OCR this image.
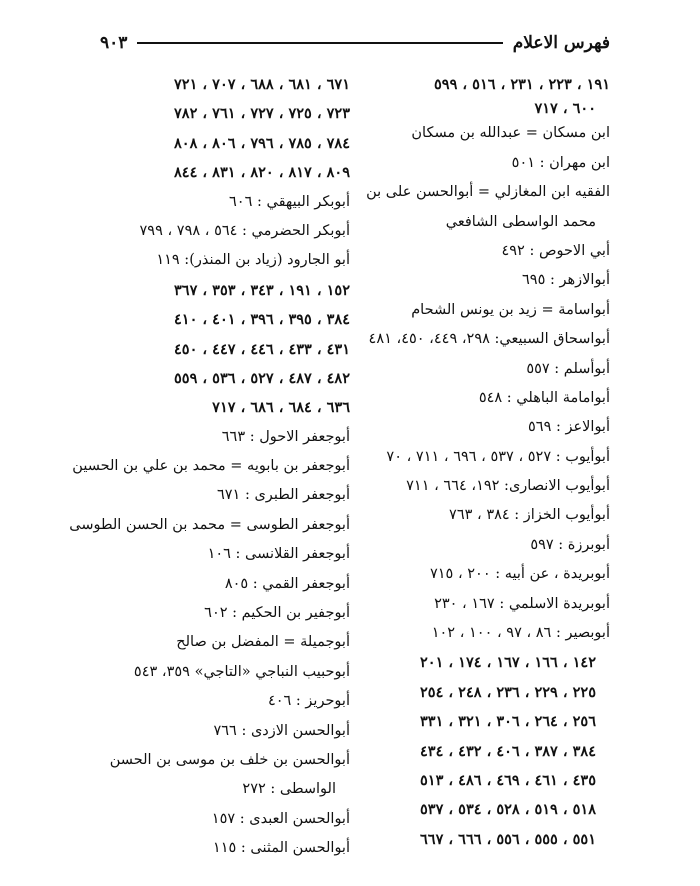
فهرس الاعلام
٩٠٣
١٩١ ، ٢٢٣ ، ٢٣١ ، ٥١٦ ، ٥٩٩
٦٠٠ ، ٧١٧
ابن مسكان = عبدالله بن مسكان
ابن مهران : ٥٠١
الفقيه ابن المغازلي = أبوالحسن على بن
محمد الواسطى الشافعي
أبي الاحوص : ٤٩٢
أبوالازهر : ٦٩٥
أبواسامة = زيد بن يونس الشحام
أبواسحاق السبيعي: ٢٩٨، ٤٤٩، ٤٥٠، ٤٨١
أبوأسلم : ٥٥٧
أبوامامة الباهلي : ٥٤٨
أبوالاعز : ٥٦٩
أبوأيوب : ٥٢٧ ، ٥٣٧ ، ٦٩٦ ، ٧١١ ، ٧٠
أبوأيوب الانصارى: ١٩٢، ٦٦٤ ، ٧١١
أبوأيوب الخزاز : ٣٨٤ ، ٧٦٣
أبوبرزة : ٥٩٧
أبوبريدة ، عن أبيه : ٢٠٠ ، ٧١٥
أبوبريدة الاسلمي : ١٦٧ ، ٢٣٠
أبوبصير : ٨٦ ، ٩٧ ، ١٠٠ ، ١٠٢
١٤٢ ، ١٦٦ ، ١٦٧ ، ١٧٤ ، ٢٠١
٢٢٥ ، ٢٢٩ ، ٢٣٦ ، ٢٤٨ ، ٢٥٤
٢٥٦ ، ٢٦٤ ، ٣٠٦ ، ٣٢١ ، ٣٣١
٣٨٤ ، ٣٨٧ ، ٤٠٦ ، ٤٣٢ ، ٤٣٤
٤٣٥ ، ٤٦١ ، ٤٦٩ ، ٤٨٦ ، ٥١٣
٥١٨ ، ٥١٩ ، ٥٢٨ ، ٥٣٤ ، ٥٣٧
٥٥١ ، ٥٥٥ ، ٥٥٦ ، ٦٦٦ ، ٦٦٧
٦٧١ ، ٦٨١ ، ٦٨٨ ، ٧٠٧ ، ٧٢١
٧٢٣ ، ٧٢٥ ، ٧٢٧ ، ٧٦١ ، ٧٨٢
٧٨٤ ، ٧٨٥ ، ٧٩٦ ، ٨٠٦ ، ٨٠٨
٨٠٩ ، ٨١٧ ، ٨٢٠ ، ٨٣١ ، ٨٤٤
أبوبكر البيهقي : ٦٠٦
أبوبكر الحضرمي : ٥٦٤ ، ٧٩٨ ، ٧٩٩
أبو الجارود (زياد بن المنذر): ١١٩
١٥٢ ، ١٩١ ، ٣٤٣ ، ٣٥٣ ، ٣٦٧
٣٨٤ ، ٣٩٥ ، ٣٩٦ ، ٤٠١ ، ٤١٠
٤٣١ ، ٤٣٣ ، ٤٤٦ ، ٤٤٧ ، ٤٥٠
٤٨٢ ، ٤٨٧ ، ٥٢٧ ، ٥٣٦ ، ٥٥٩
٦٣٦ ، ٦٨٤ ، ٦٨٦ ، ٧١٧
أبوجعفر الاحول : ٦٦٣
أبوجعفر بن بابويه = محمد بن علي بن الحسين
أبوجعفر الطبرى : ٦٧١
أبوجعفر الطوسى = محمد بن الحسن الطوسى
أبوجعفر القلانسى : ١٠٦
أبوجعفر القمي : ٨٠٥
أبوجفير بن الحكيم : ٦٠٢
أبوجميلة = المفضل بن صالح
أبوحبيب النباجي «التاجي» ٣٥٩، ٥٤٣
أبوحريز : ٤٠٦
أبوالحسن الازدى : ٧٦٦
أبوالحسن بن خلف بن موسى بن الحسن
الواسطى : ٢٧٢
أبوالحسن العبدى : ١٥٧
أبوالحسن المثنى : ١١٥
